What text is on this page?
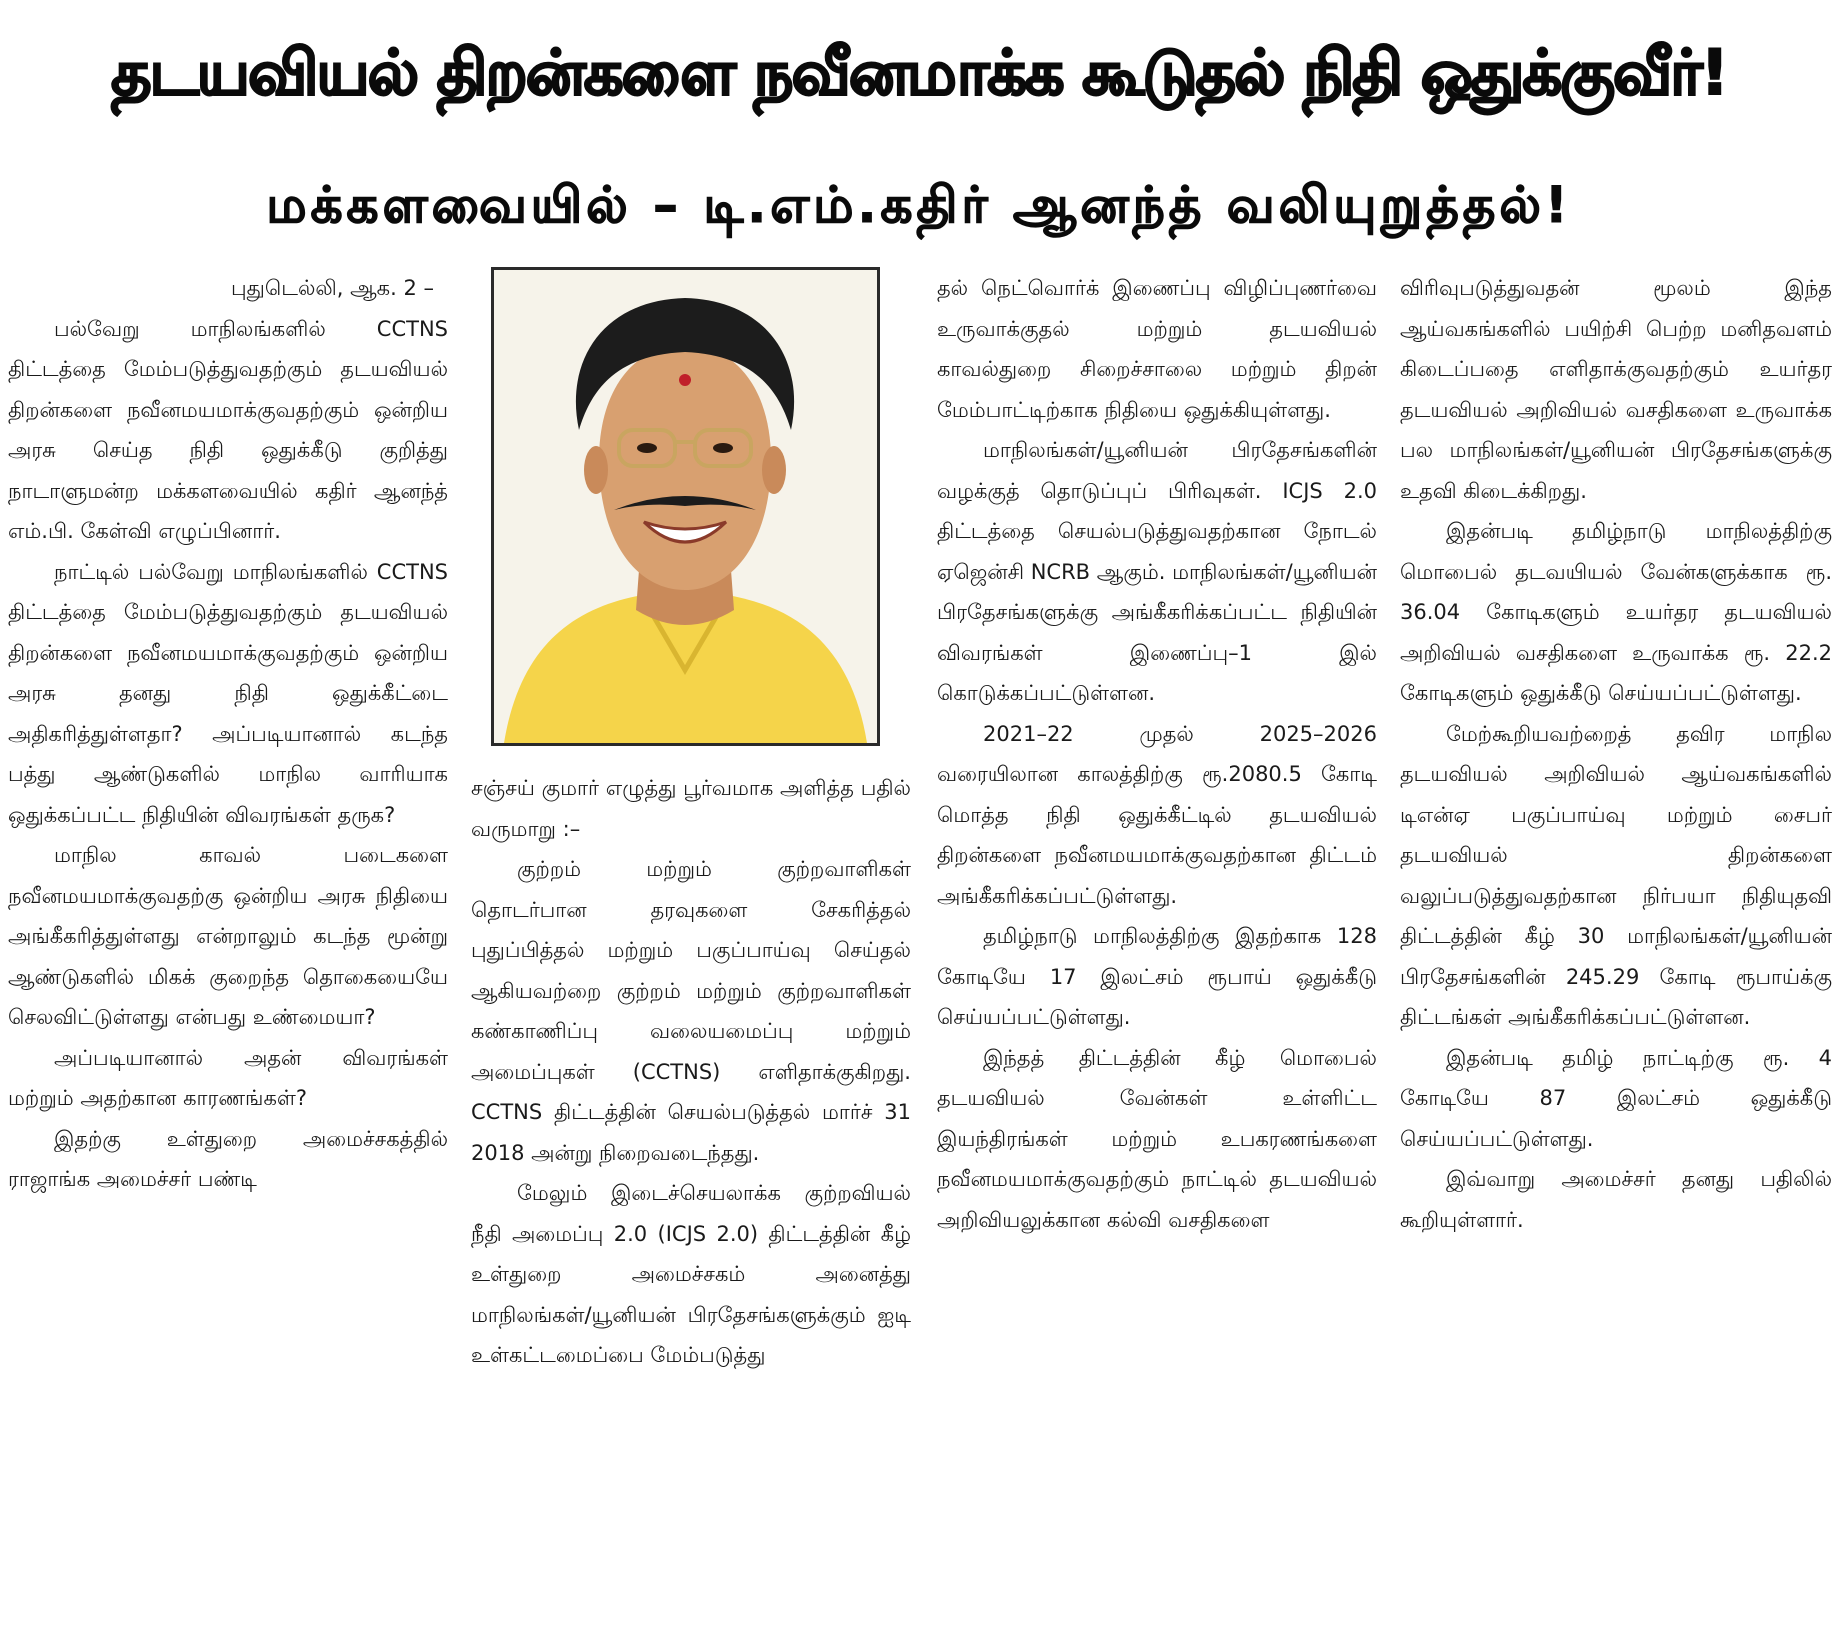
தடயவியல் திறன்களை நவீனமாக்க கூடுதல் நிதி ஒதுக்குவீர்!
மக்களவையில் – டி.எம்.கதிர் ஆனந்த் வலியுறுத்தல்!

புதுடெல்லி, ஆக. 2 –

பல்வேறு மாநிலங்களில் CCTNS திட்டத்தை மேம்படுத்துவதற்கும் தடயவியல் திறன்களை நவீனமயமாக்குவதற்கும் ஒன்றிய அரசு செய்த நிதி ஒதுக்கீடு குறித்து நாடாளுமன்ற மக்களவையில் கதிர் ஆனந்த் எம்.பி. கேள்வி எழுப்பினார்.

நாட்டில் பல்வேறு மாநிலங்களில் CCTNS திட்டத்தை மேம்படுத்துவதற்கும் தடயவியல் திறன்களை நவீனமயமாக்குவதற்கும் ஒன்றிய அரசு தனது நிதி ஒதுக்கீட்டை அதிகரித்துள்ளதா? அப்படியானால் கடந்த பத்து ஆண்டுகளில் மாநில வாரியாக ஒதுக்கப்பட்ட நிதியின் விவரங்கள் தருக?

மாநில காவல் படைகளை நவீனமயமாக்குவதற்கு ஒன்றிய அரசு நிதியை அங்கீகரித்துள்ளது என்றாலும் கடந்த மூன்று ஆண்டுகளில் மிகக் குறைந்த தொகையையே செலவிட்டுள்ளது என்பது உண்மையா?

அப்படியானால் அதன் விவரங்கள் மற்றும் அதற்கான காரணங்கள்?

இதற்கு உள்துறை அமைச்சகத்தில் ராஜாங்க அமைச்சர் பண்டி

சஞ்சய் குமார் எழுத்து பூர்வமாக அளித்த பதில் வருமாறு :–

குற்றம் மற்றும் குற்றவாளிகள் தொடர்பான தரவுகளை சேகரித்தல் புதுப்பித்தல் மற்றும் பகுப்பாய்வு செய்தல் ஆகியவற்றை குற்றம் மற்றும் குற்றவாளிகள் கண்காணிப்பு வலையமைப்பு மற்றும் அமைப்புகள் (CCTNS) எளிதாக்குகிறது. CCTNS திட்டத்தின் செயல்படுத்தல் மார்ச் 31 2018 அன்று நிறைவடைந்தது.

மேலும் இடைச்செயலாக்க குற்றவியல் நீதி அமைப்பு 2.0 (ICJS 2.0) திட்டத்தின் கீழ் உள்துறை அமைச்சகம் அனைத்து மாநிலங்கள்/யூனியன் பிரதேசங்களுக்கும் ஐடி உள்கட்டமைப்பை மேம்படுத்து

தல் நெட்வொர்க் இணைப்பு விழிப்புணர்வை உருவாக்குதல் மற்றும் தடயவியல் காவல்துறை சிறைச்சாலை மற்றும் திறன் மேம்பாட்டிற்காக நிதியை ஒதுக்கியுள்ளது.

மாநிலங்கள்/யூனியன் பிரதேசங்களின் வழக்குத் தொடுப்புப் பிரிவுகள். ICJS 2.0 திட்டத்தை செயல்படுத்துவதற்கான நோடல் ஏஜென்சி NCRB ஆகும். மாநிலங்கள்/யூனியன் பிரதேசங்களுக்கு அங்கீகரிக்கப்பட்ட நிதியின் விவரங்கள் இணைப்பு–1 இல் கொடுக்கப்பட்டுள்ளன.

2021–22 முதல் 2025–2026 வரையிலான காலத்திற்கு ரூ.2080.5 கோடி மொத்த நிதி ஒதுக்கீட்டில் தடயவியல் திறன்களை நவீனமயமாக்குவதற்கான திட்டம் அங்கீகரிக்கப்பட்டுள்ளது.

தமிழ்நாடு மாநிலத்திற்கு இதற்காக 128 கோடியே 17 இலட்சம் ரூபாய் ஒதுக்கீடு செய்யப்பட்டுள்ளது.

இந்தத் திட்டத்தின் கீழ் மொபைல் தடயவியல் வேன்கள் உள்ளிட்ட இயந்திரங்கள் மற்றும் உபகரணங்களை நவீனமயமாக்குவதற்கும் நாட்டில் தடயவியல் அறிவியலுக்கான கல்வி வசதிகளை

விரிவுபடுத்துவதன் மூலம் இந்த ஆய்வகங்களில் பயிற்சி பெற்ற மனிதவளம் கிடைப்பதை எளிதாக்குவதற்கும் உயர்தர தடயவியல் அறிவியல் வசதிகளை உருவாக்க பல மாநிலங்கள்/யூனியன் பிரதேசங்களுக்கு உதவி கிடைக்கிறது.

இதன்படி தமிழ்நாடு மாநிலத்திற்கு மொபைல் தடவயியல் வேன்களுக்காக ரூ. 36.04 கோடிகளும் உயர்தர தடயவியல் அறிவியல் வசதிகளை உருவாக்க ரூ. 22.2 கோடிகளும் ஒதுக்கீடு செய்யப்பட்டுள்ளது.

மேற்கூறியவற்றைத் தவிர மாநில தடயவியல் அறிவியல் ஆய்வகங்களில் டிஎன்ஏ பகுப்பாய்வு மற்றும் சைபர் தடயவியல் திறன்களை வலுப்படுத்துவதற்கான நிர்பயா நிதியுதவி திட்டத்தின் கீழ் 30 மாநிலங்கள்/யூனியன் பிரதேசங்களின் 245.29 கோடி ரூபாய்க்கு திட்டங்கள் அங்கீகரிக்கப்பட்டுள்ளன.

இதன்படி தமிழ் நாட்டிற்கு ரூ. 4 கோடியே 87 இலட்சம் ஒதுக்கீடு செய்யப்பட்டுள்ளது.

இவ்வாறு அமைச்சர் தனது பதிலில் கூறியுள்ளார்.
